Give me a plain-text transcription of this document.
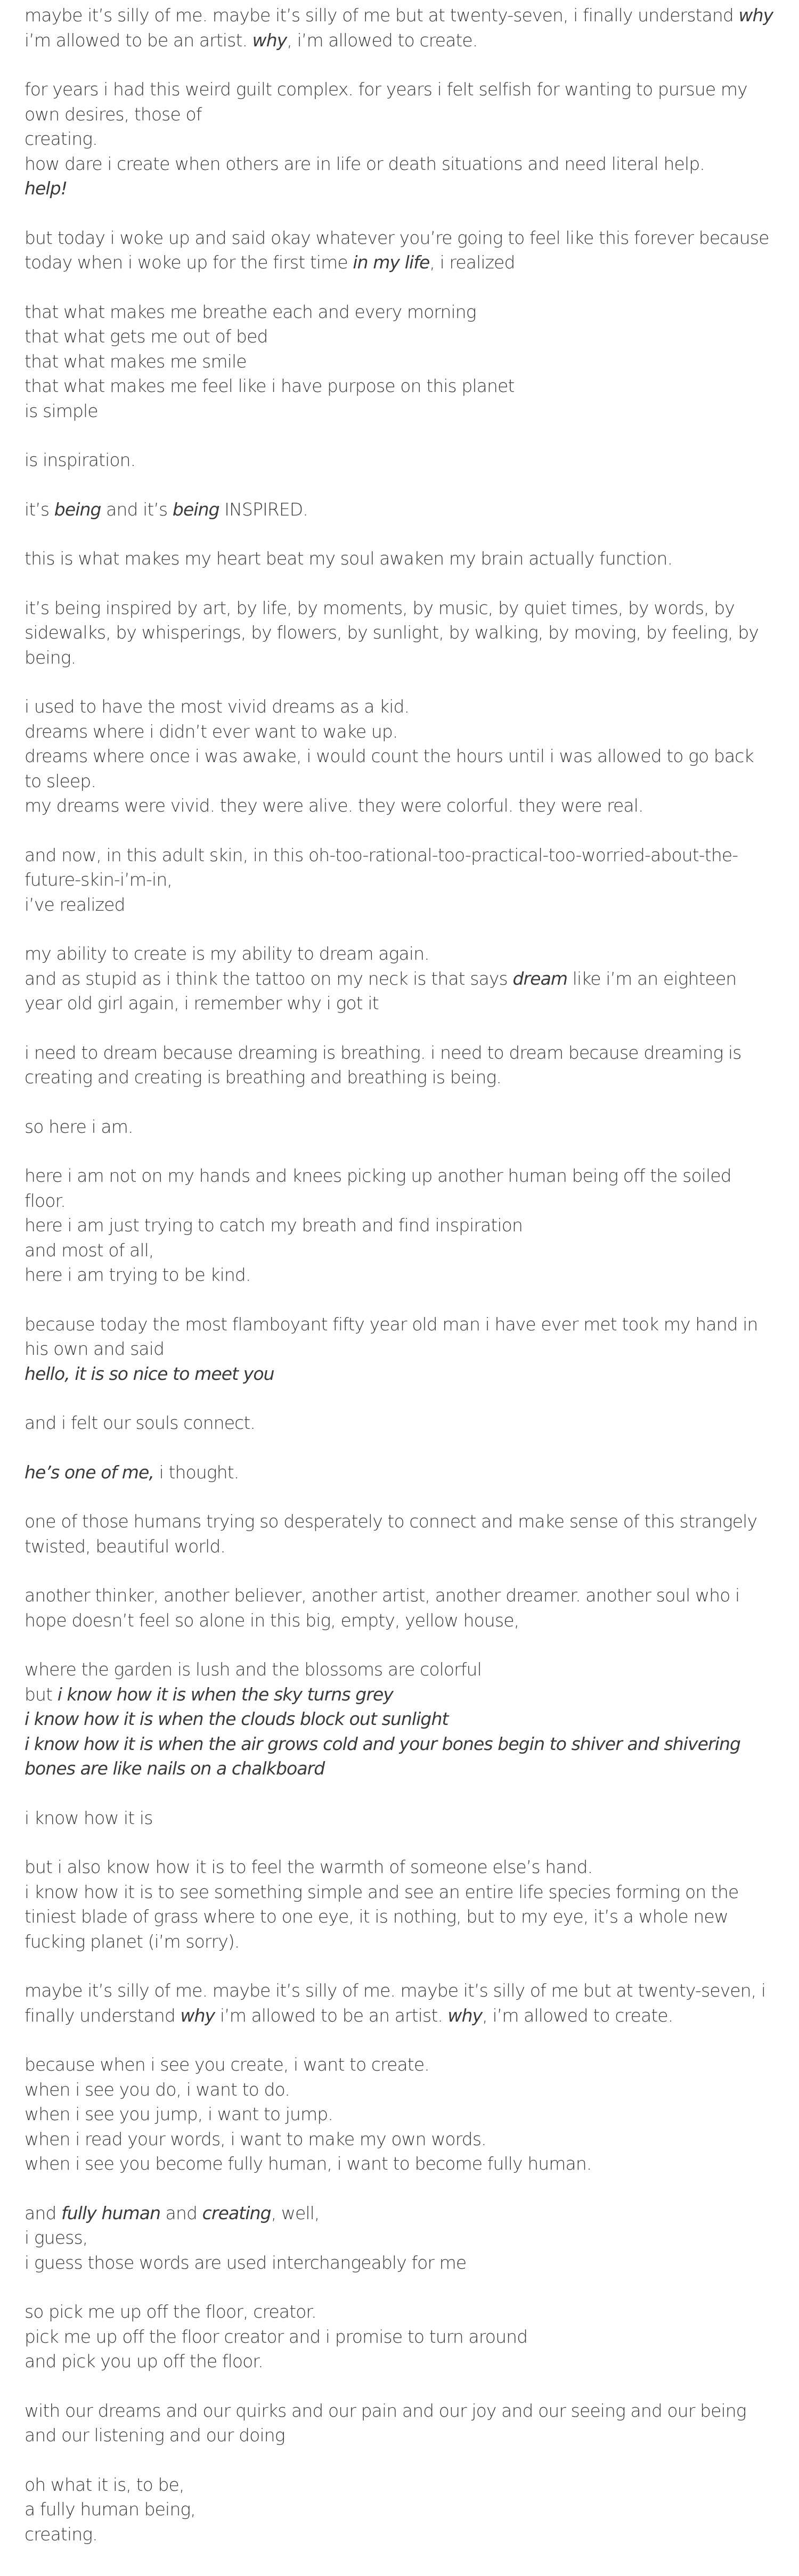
maybe it’s silly of me. maybe it’s silly of me but at twenty-seven, i finally understand why
i’m allowed to be an artist. why, i’m allowed to create.
for years i had this weird guilt complex. for years i felt selfish for wanting to pursue my
own desires, those of
creating.
how dare i create when others are in life or death situations and need literal help.
help!
but today i woke up and said okay whatever you’re going to feel like this forever because
today when i woke up for the first time in my life, i realized
that what makes me breathe each and every morning
that what gets me out of bed
that what makes me smile
that what makes me feel like i have purpose on this planet
is simple
is inspiration.
it’s being and it’s being INSPIRED.
this is what makes my heart beat my soul awaken my brain actually function.
it’s being inspired by art, by life, by moments, by music, by quiet times, by words, by
sidewalks, by whisperings, by flowers, by sunlight, by walking, by moving, by feeling, by
being.
i used to have the most vivid dreams as a kid.
dreams where i didn’t ever want to wake up.
dreams where once i was awake, i would count the hours until i was allowed to go back
to sleep.
my dreams were vivid. they were alive. they were colorful. they were real.
and now, in this adult skin, in this oh-too-rational-too-practical-too-worried-about-the-
future-skin-i’m-in,
i’ve realized
my ability to create is my ability to dream again.
and as stupid as i think the tattoo on my neck is that says dream like i’m an eighteen
year old girl again, i remember why i got it
i need to dream because dreaming is breathing. i need to dream because dreaming is
creating and creating is breathing and breathing is being.
so here i am.
here i am not on my hands and knees picking up another human being off the soiled
floor.
here i am just trying to catch my breath and find inspiration
and most of all,
here i am trying to be kind.
because today the most flamboyant fifty year old man i have ever met took my hand in
his own and said
hello, it is so nice to meet you
and i felt our souls connect.
he’s one of me, i thought.
one of those humans trying so desperately to connect and make sense of this strangely
twisted, beautiful world.
another thinker, another believer, another artist, another dreamer. another soul who i
hope doesn’t feel so alone in this big, empty, yellow house,
where the garden is lush and the blossoms are colorful
but i know how it is when the sky turns grey
i know how it is when the clouds block out sunlight
i know how it is when the air grows cold and your bones begin to shiver and shivering
bones are like nails on a chalkboard
i know how it is
but i also know how it is to feel the warmth of someone else’s hand.
i know how it is to see something simple and see an entire life species forming on the
tiniest blade of grass where to one eye, it is nothing, but to my eye, it’s a whole new
fucking planet (i’m sorry).
maybe it’s silly of me. maybe it’s silly of me. maybe it’s silly of me but at twenty-seven, i
finally understand why i’m allowed to be an artist. why, i’m allowed to create.
because when i see you create, i want to create.
when i see you do, i want to do.
when i see you jump, i want to jump.
when i read your words, i want to make my own words.
when i see you become fully human, i want to become fully human.
and fully human and creating, well,
i guess,
i guess those words are used interchangeably for me
so pick me up off the floor, creator.
pick me up off the floor creator and i promise to turn around
and pick you up off the floor.
with our dreams and our quirks and our pain and our joy and our seeing and our being
and our listening and our doing
oh what it is, to be,
a fully human being,
creating.
